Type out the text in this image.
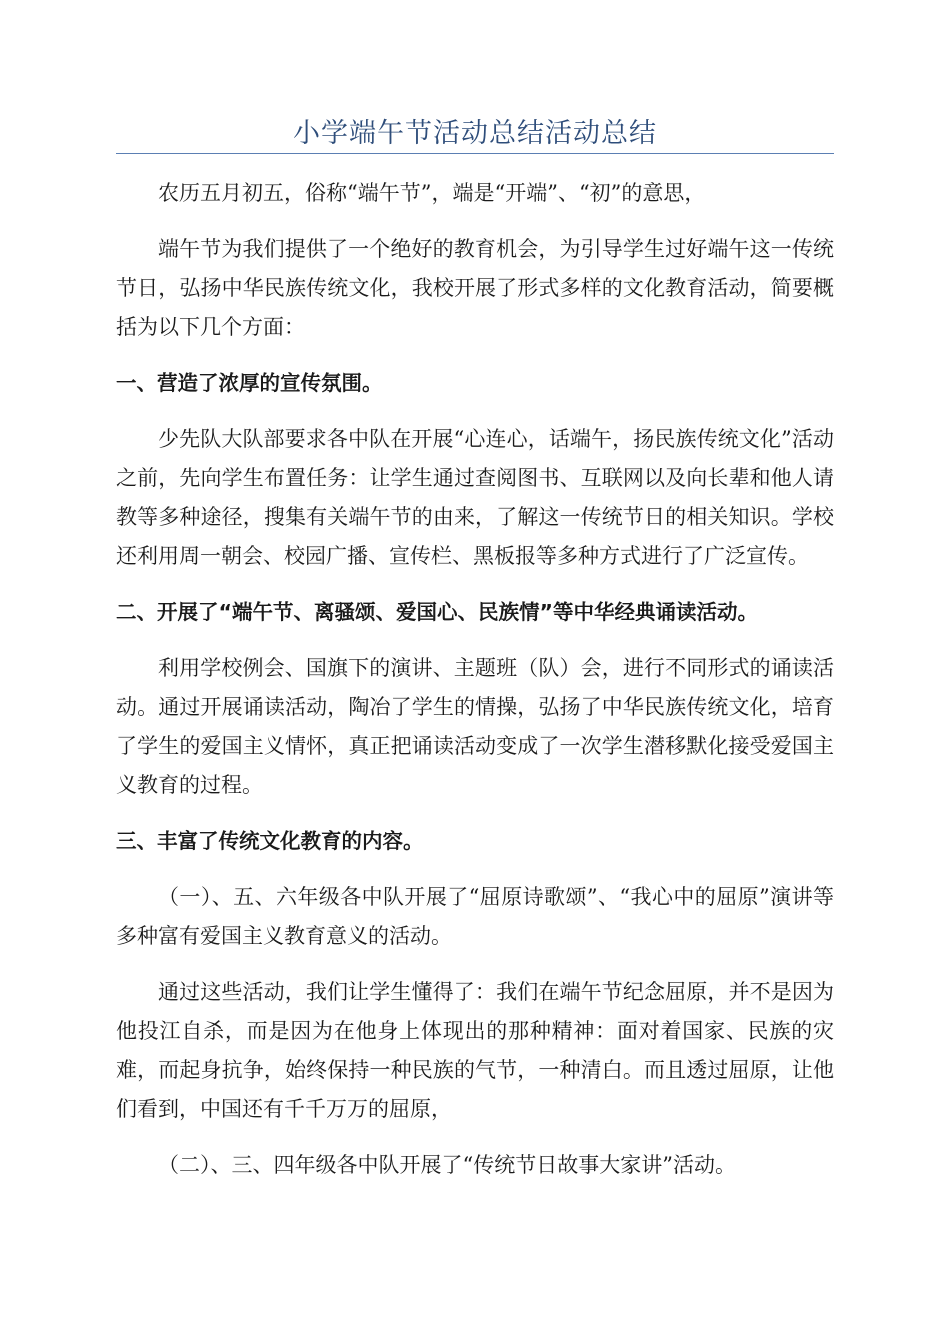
小学端午节活动总结活动总结

农历五月初五，俗称“端午节”，端是“开端”、“初”的意思，

端午节为我们提供了一个绝好的教育机会，为引导学生过好端午这一传统节日，弘扬中华民族传统文化，我校开展了形式多样的文化教育活动，简要概括为以下几个方面：

一、营造了浓厚的宣传氛围。

少先队大队部要求各中队在开展“心连心，话端午，扬民族传统文化”活动之前，先向学生布置任务：让学生通过查阅图书、互联网以及向长辈和他人请教等多种途径，搜集有关端午节的由来，了解这一传统节日的相关知识。学校还利用周一朝会、校园广播、宣传栏、黑板报等多种方式进行了广泛宣传。

二、开展了“端午节、离骚颂、爱国心、民族情”等中华经典诵读活动。

利用学校例会、国旗下的演讲、主题班（队）会，进行不同形式的诵读活动。通过开展诵读活动，陶冶了学生的情操，弘扬了中华民族传统文化，培育了学生的爱国主义情怀，真正把诵读活动变成了一次学生潜移默化接受爱国主义教育的过程。

三、丰富了传统文化教育的内容。

（一）、五、六年级各中队开展了“屈原诗歌颂”、“我心中的屈原”演讲等多种富有爱国主义教育意义的活动。

通过这些活动，我们让学生懂得了：我们在端午节纪念屈原，并不是因为他投江自杀，而是因为在他身上体现出的那种精神：面对着国家、民族的灾难，而起身抗争，始终保持一种民族的气节，一种清白。而且透过屈原，让他们看到，中国还有千千万万的屈原，

（二）、三、四年级各中队开展了“传统节日故事大家讲”活动。
